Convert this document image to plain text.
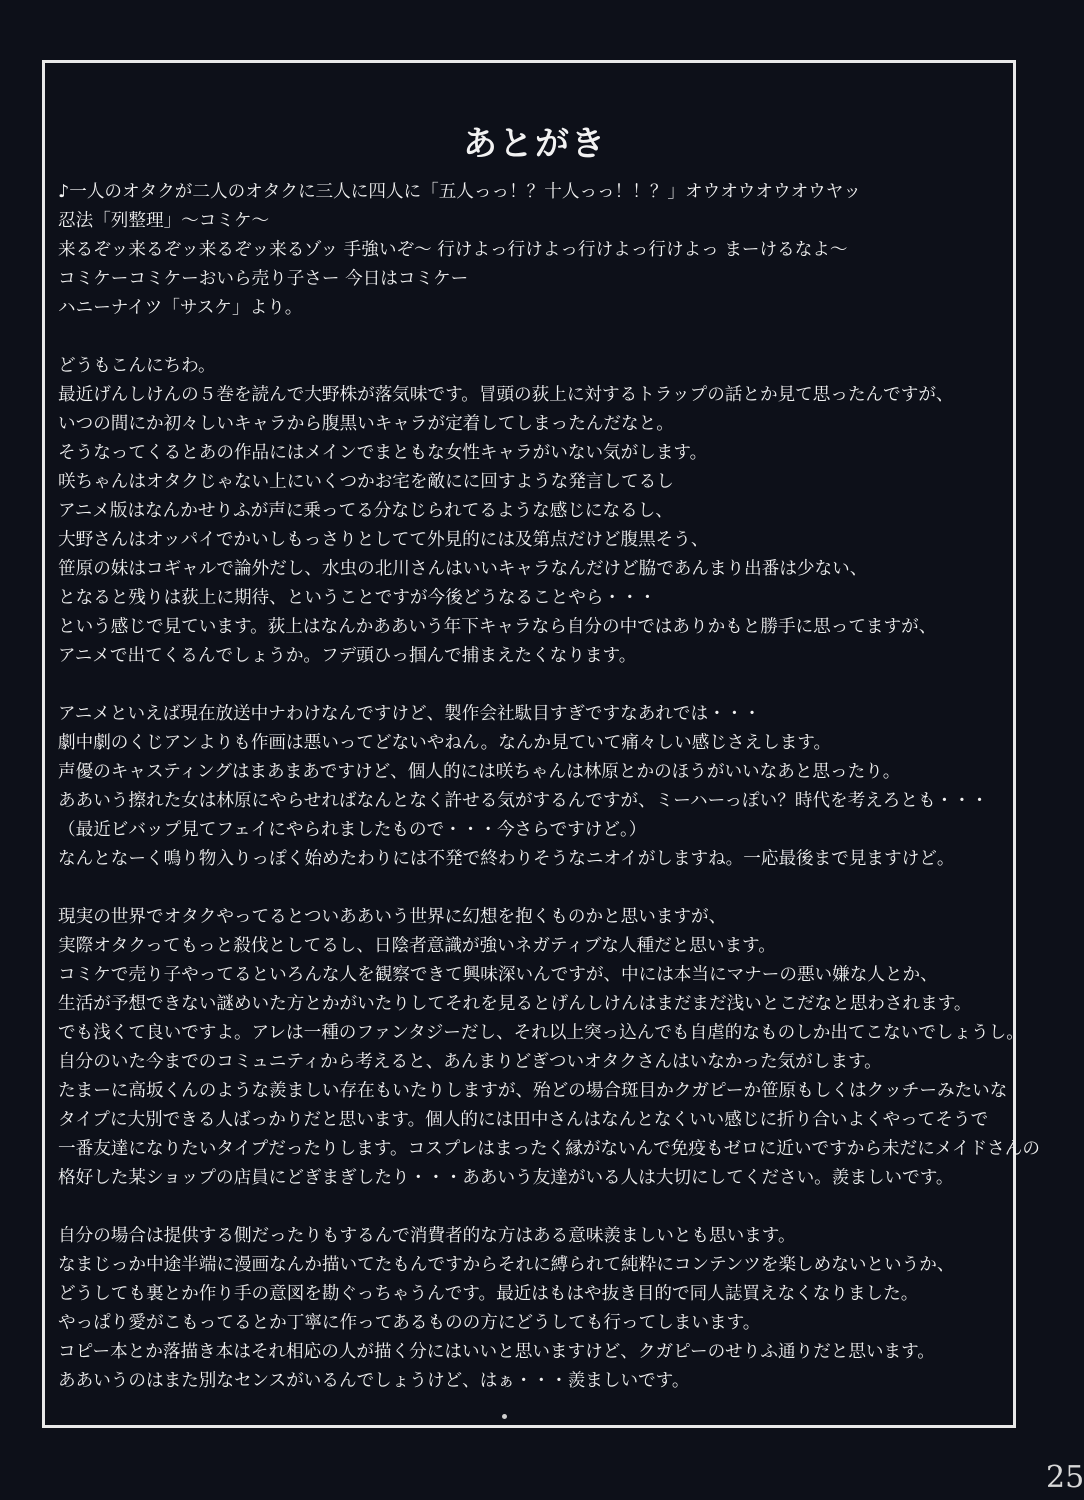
あとがき
♪一人のオタクが二人のオタクに三人に四人に「五人っっ！？十人っっ！！？」オウオウオウオウヤッ
忍法「列整理」～コミケ～
来るぞッ来るぞッ来るぞッ来るゾッ 手強いぞ～ 行けよっ行けよっ行けよっ行けよっ まーけるなよ～
コミケーコミケーおいら売り子さー 今日はコミケー
ハニーナイツ「サスケ」より。
どうもこんにちわ。
最近げんしけんの５巻を読んで大野株が落気味です。冒頭の荻上に対するトラップの話とか見て思ったんですが、
いつの間にか初々しいキャラから腹黒いキャラが定着してしまったんだなと。
そうなってくるとあの作品にはメインでまともな女性キャラがいない気がします。
咲ちゃんはオタクじゃない上にいくつかお宅を敵にに回すような発言してるし
アニメ版はなんかせりふが声に乗ってる分なじられてるような感じになるし、
大野さんはオッパイでかいしもっさりとしてて外見的には及第点だけど腹黒そう、
笹原の妹はコギャルで論外だし、水虫の北川さんはいいキャラなんだけど脇であんまり出番は少ない、
となると残りは荻上に期待、ということですが今後どうなることやら・・・
という感じで見ています。荻上はなんかああいう年下キャラなら自分の中ではありかもと勝手に思ってますが、
アニメで出てくるんでしょうか。フデ頭ひっ掴んで捕まえたくなります。
アニメといえば現在放送中ナわけなんですけど、製作会社駄目すぎですなあれでは・・・
劇中劇のくじアンよりも作画は悪いってどないやねん。なんか見ていて痛々しい感じさえします。
声優のキャスティングはまあまあですけど、個人的には咲ちゃんは林原とかのほうがいいなあと思ったり。
ああいう擦れた女は林原にやらせればなんとなく許せる気がするんですが、ミーハーっぽい？時代を考えろとも・・・
（最近ビバップ見てフェイにやられましたもので・・・今さらですけど。）
なんとなーく鳴り物入りっぽく始めたわりには不発で終わりそうなニオイがしますね。一応最後まで見ますけど。
現実の世界でオタクやってるとついああいう世界に幻想を抱くものかと思いますが、
実際オタクってもっと殺伐としてるし、日陰者意識が強いネガティブな人種だと思います。
コミケで売り子やってるといろんな人を観察できて興味深いんですが、中には本当にマナーの悪い嫌な人とか、
生活が予想できない謎めいた方とかがいたりしてそれを見るとげんしけんはまだまだ浅いとこだなと思わされます。
でも浅くて良いですよ。アレは一種のファンタジーだし、それ以上突っ込んでも自虐的なものしか出てこないでしょうし。
自分のいた今までのコミュニティから考えると、あんまりどぎついオタクさんはいなかった気がします。
たまーに高坂くんのような羨ましい存在もいたりしますが、殆どの場合斑目かクガピーか笹原もしくはクッチーみたいな
タイプに大別できる人ばっかりだと思います。個人的には田中さんはなんとなくいい感じに折り合いよくやってそうで
一番友達になりたいタイプだったりします。コスプレはまったく縁がないんで免疫もゼロに近いですから未だにメイドさんの
格好した某ショップの店員にどぎまぎしたり・・・ああいう友達がいる人は大切にしてください。羨ましいです。
自分の場合は提供する側だったりもするんで消費者的な方はある意味羨ましいとも思います。
なまじっか中途半端に漫画なんか描いてたもんですからそれに縛られて純粋にコンテンツを楽しめないというか、
どうしても裏とか作り手の意図を勘ぐっちゃうんです。最近はもはや抜き目的で同人誌買えなくなりました。
やっぱり愛がこもってるとか丁寧に作ってあるものの方にどうしても行ってしまいます。
コピー本とか落描き本はそれ相応の人が描く分にはいいと思いますけど、クガピーのせりふ通りだと思います。
ああいうのはまた別なセンスがいるんでしょうけど、はぁ・・・羨ましいです。
25
